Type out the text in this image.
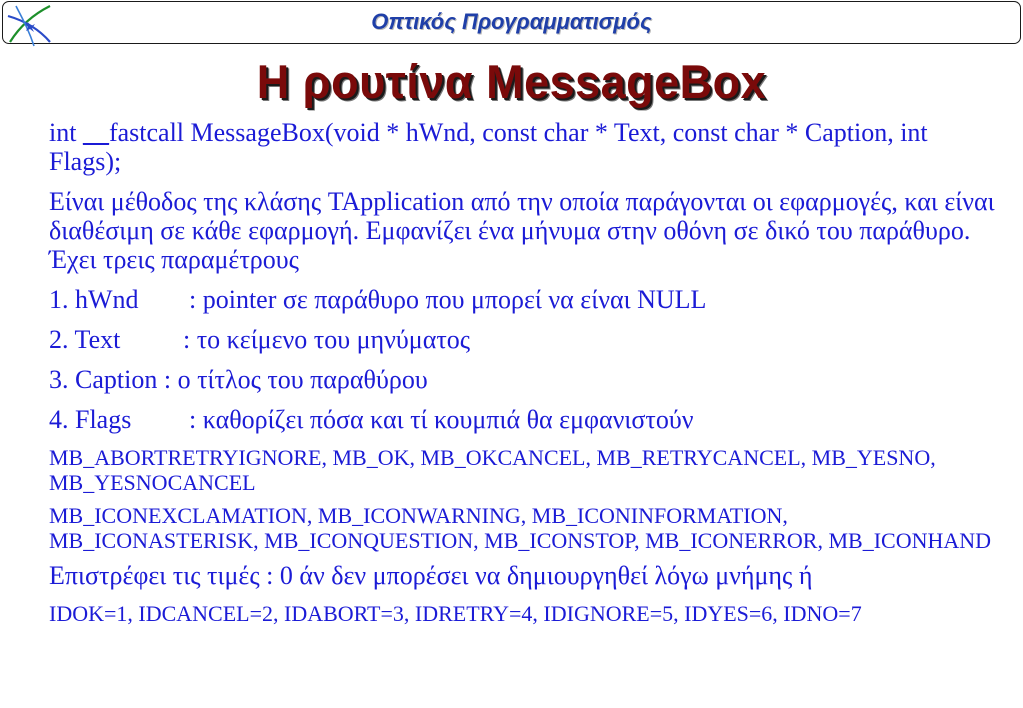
Οπτικός Προγραμματισμός
Η ρουτίνα MessageBox

int __fastcall MessageBox(void * hWnd, const char * Text, const char * Caption, int Flags);

Είναι μέθοδος της κλάσης TApplication από την οποία παράγονται οι εφαρμογές, και είναι διαθέσιμη σε κάθε εφαρμογή. Εμφανίζει ένα μήνυμα στην οθόνη σε δικό του παράθυρο. Έχει τρεις παραμέτρους

1. hWnd : pointer σε παράθυρο που μπορεί να είναι NULL

2. Text : το κείμενο του μηνύματος

3. Caption : ο τίτλος του παραθύρου

4. Flags : καθορίζει πόσα και τί κουμπιά θα εμφανιστούν

MB_ABORTRETRYIGNORE, MB_OK, MB_OKCANCEL, MB_RETRYCANCEL, MB_YESNO, MB_YESNOCANCEL

MB_ICONEXCLAMATION, MB_ICONWARNING, MB_ICONINFORMATION, MB_ICONASTERISK, MB_ICONQUESTION, MB_ICONSTOP, MB_ICONERROR, MB_ICONHAND

Επιστρέφει τις τιμές : 0 άν δεν μπορέσει να δημιουργηθεί λόγω μνήμης ή

IDOK=1, IDCANCEL=2, IDABORT=3, IDRETRY=4, IDIGNORE=5, IDYES=6, IDNO=7
